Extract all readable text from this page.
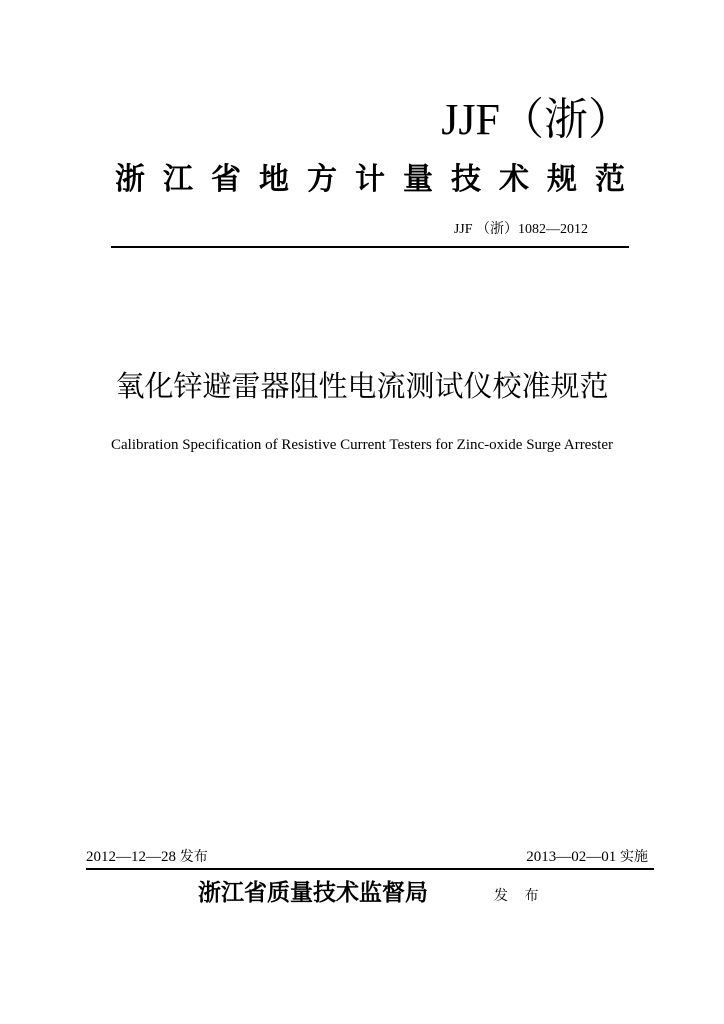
JJF（浙）
浙 江 省 地 方 计 量 技 术 规 范
JJF （浙）1082—2012
氧化锌避雷器阻性电流测试仪校准规范
Calibration Specification of Resistive Current Testers for Zinc-oxide Surge Arrester
2012—12—28 发布	2013—02—01 实施
浙江省质量技术监督局	发 布
